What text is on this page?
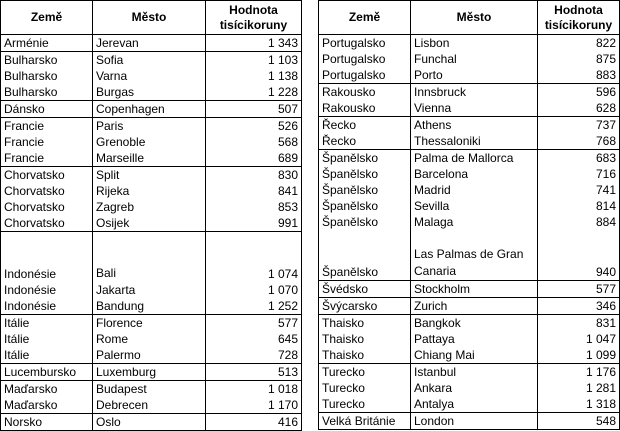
Země	Město	Hodnota tisícikoruny
Arménie	Jerevan	1 343
Bulharsko	Sofia	1 103
Bulharsko	Varna	1 138
Bulharsko	Burgas	1 228
Dánsko	Copenhagen	507
Francie	Paris	526
Francie	Grenoble	568
Francie	Marseille	689
Chorvatsko	Split	830
Chorvatsko	Rijeka	841
Chorvatsko	Zagreb	853
Chorvatsko	Osijek	991
Indonésie	Bali	1 074
Indonésie	Jakarta	1 070
Indonésie	Bandung	1 252
Itálie	Florence	577
Itálie	Rome	645
Itálie	Palermo	728
Lucembursko	Luxemburg	513
Maďarsko	Budapest	1 018
Maďarsko	Debrecen	1 170
Norsko	Oslo	416
Země	Město	Hodnota tisícikoruny
Portugalsko	Lisbon	822
Portugalsko	Funchal	875
Portugalsko	Porto	883
Rakousko	Innsbruck	596
Rakousko	Vienna	628
Řecko	Athens	737
Řecko	Thessaloniki	768
Španělsko	Palma de Mallorca	683
Španělsko	Barcelona	716
Španělsko	Madrid	741
Španělsko	Sevilla	814
Španělsko	Malaga	884
Španělsko	Las Palmas de Gran Canaria	940
Švédsko	Stockholm	577
Švýcarsko	Zurich	346
Thaisko	Bangkok	831
Thaisko	Pattaya	1 047
Thaisko	Chiang Mai	1 099
Turecko	Istanbul	1 176
Turecko	Ankara	1 281
Turecko	Antalya	1 318
Velká Británie	London	548
